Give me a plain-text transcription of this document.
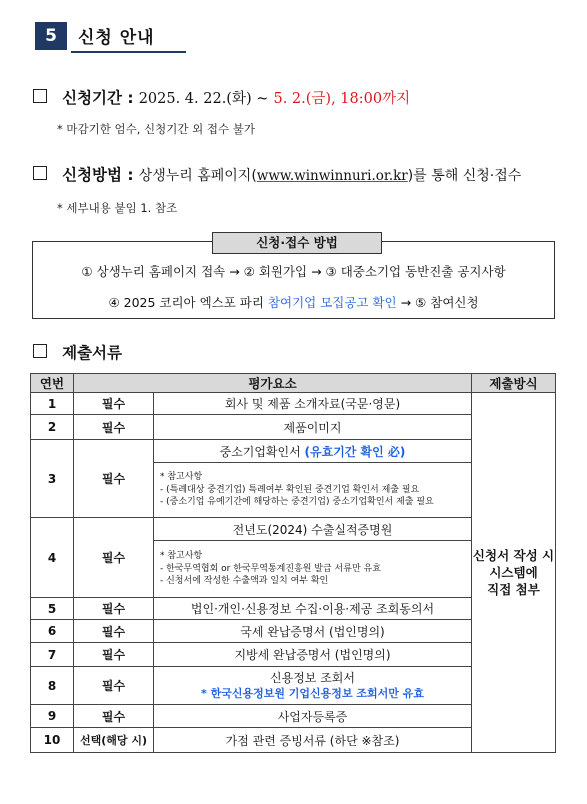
5	신청 안내
신청기간 : 2025. 4. 22.(화) ~ 5. 2.(금), 18:00까지
* 마감기한 엄수, 신청기간 외 접수 불가
신청방법 : 상생누리 홈페이지(www.winwinnuri.or.kr)를 통해 신청·접수
* 세부내용 붙임 1. 참조
신청·접수 방법
① 상생누리 홈페이지 접속 → ② 회원가입 → ③ 대중소기업 동반진출 공지사항
④ 2025 코리아 엑스포 파리 참여기업 모집공고 확인 → ⑤ 참여신청
제출서류
연번	평가요소		제출방식
1	필수	회사 및 제품 소개자료(국문·영문)	신청서 작성 시
시스템에
직접 첨부

2	필수	제품이미지	
3	필수	중소기업확인서 (유효기간 확인 必)	

		* 참고사항
- (특례대상 중견기업) 특례여부 확인된 중견기업 확인서 제출 필요
- (중소기업 유예기간에 해당하는 중견기업) 중소기업확인서 제출 필요	

4	필수	전년도(2024) 수출실적증명원	

		* 참고사항
- 한국무역협회 or 한국무역통계진흥원 발급 서류만 유효
- 신청서에 작성한 수출액과 일치 여부 확인	

5	필수	법인·개인·신용정보 수집·이용·제공 조회동의서	
6	필수	국세 완납증명서 (법인명의)	
7	필수	지방세 완납증명서 (법인명의)	
8	필수	신용정보 조회서
* 한국신용정보원 기업신용정보 조회서만 유효	

9	필수	사업자등록증	
10	선택(해당 시)	가점 관련 증빙서류 (하단 ※참조)	
